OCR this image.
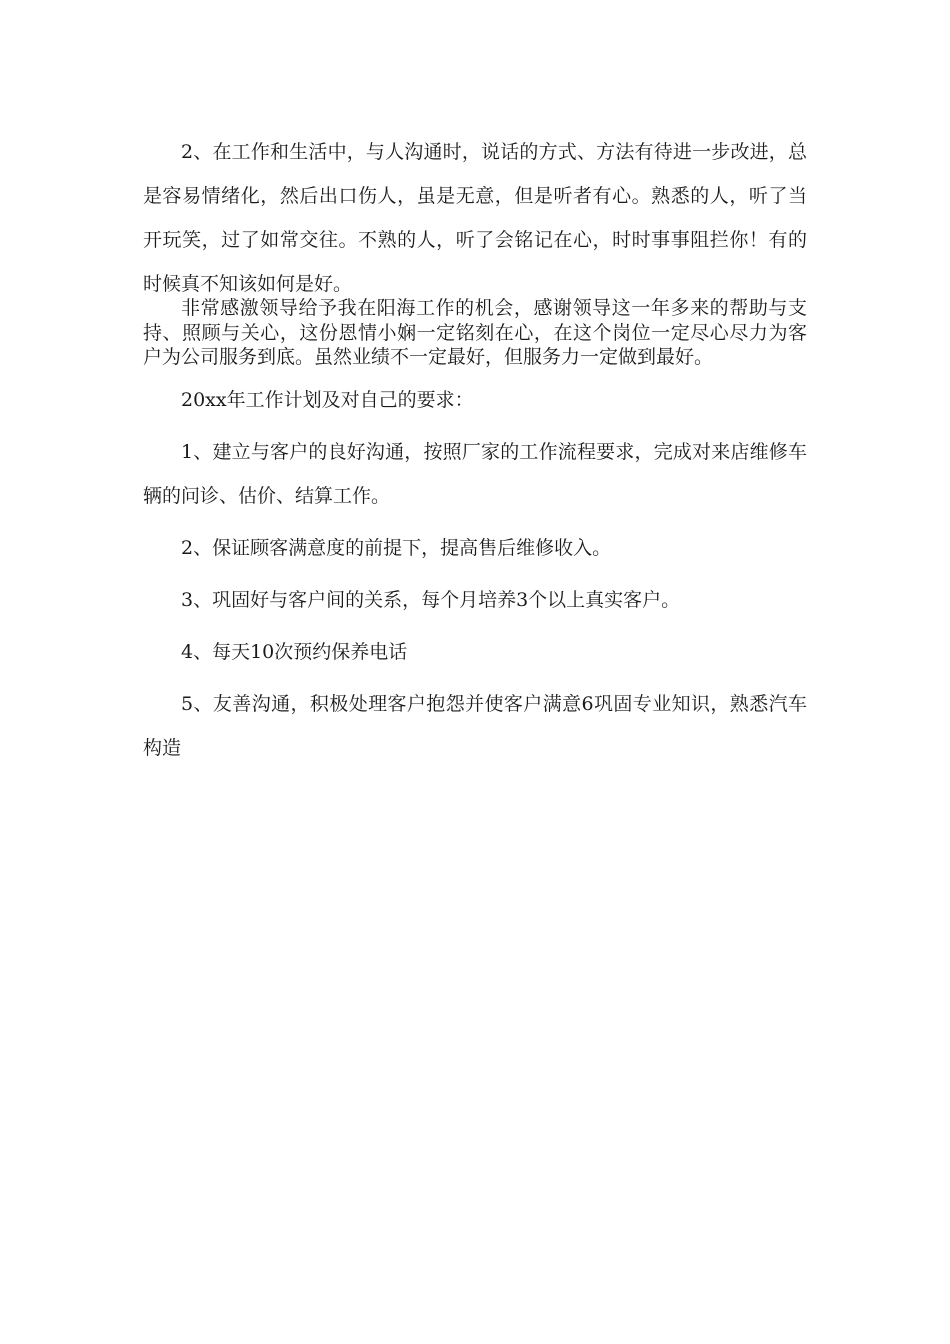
2、在工作和生活中，与人沟通时，说话的方式、方法有待进一步改进，总是容易情绪化，然后出口伤人，虽是无意，但是听者有心。熟悉的人，听了当开玩笑，过了如常交往。不熟的人，听了会铭记在心，时时事事阻拦你！有的时候真不知该如何是好。

非常感激领导给予我在阳海工作的机会，感谢领导这一年多来的帮助与支持、照顾与关心，这份恩情小娴一定铭刻在心，在这个岗位一定尽心尽力为客户为公司服务到底。虽然业绩不一定最好，但服务力一定做到最好。

20xx年工作计划及对自己的要求：

1、建立与客户的良好沟通，按照厂家的工作流程要求，完成对来店维修车辆的问诊、估价、结算工作。

2、保证顾客满意度的前提下，提高售后维修收入。

3、巩固好与客户间的关系，每个月培养3个以上真实客户。

4、每天10次预约保养电话

5、友善沟通，积极处理客户抱怨并使客户满意6巩固专业知识，熟悉汽车构造
